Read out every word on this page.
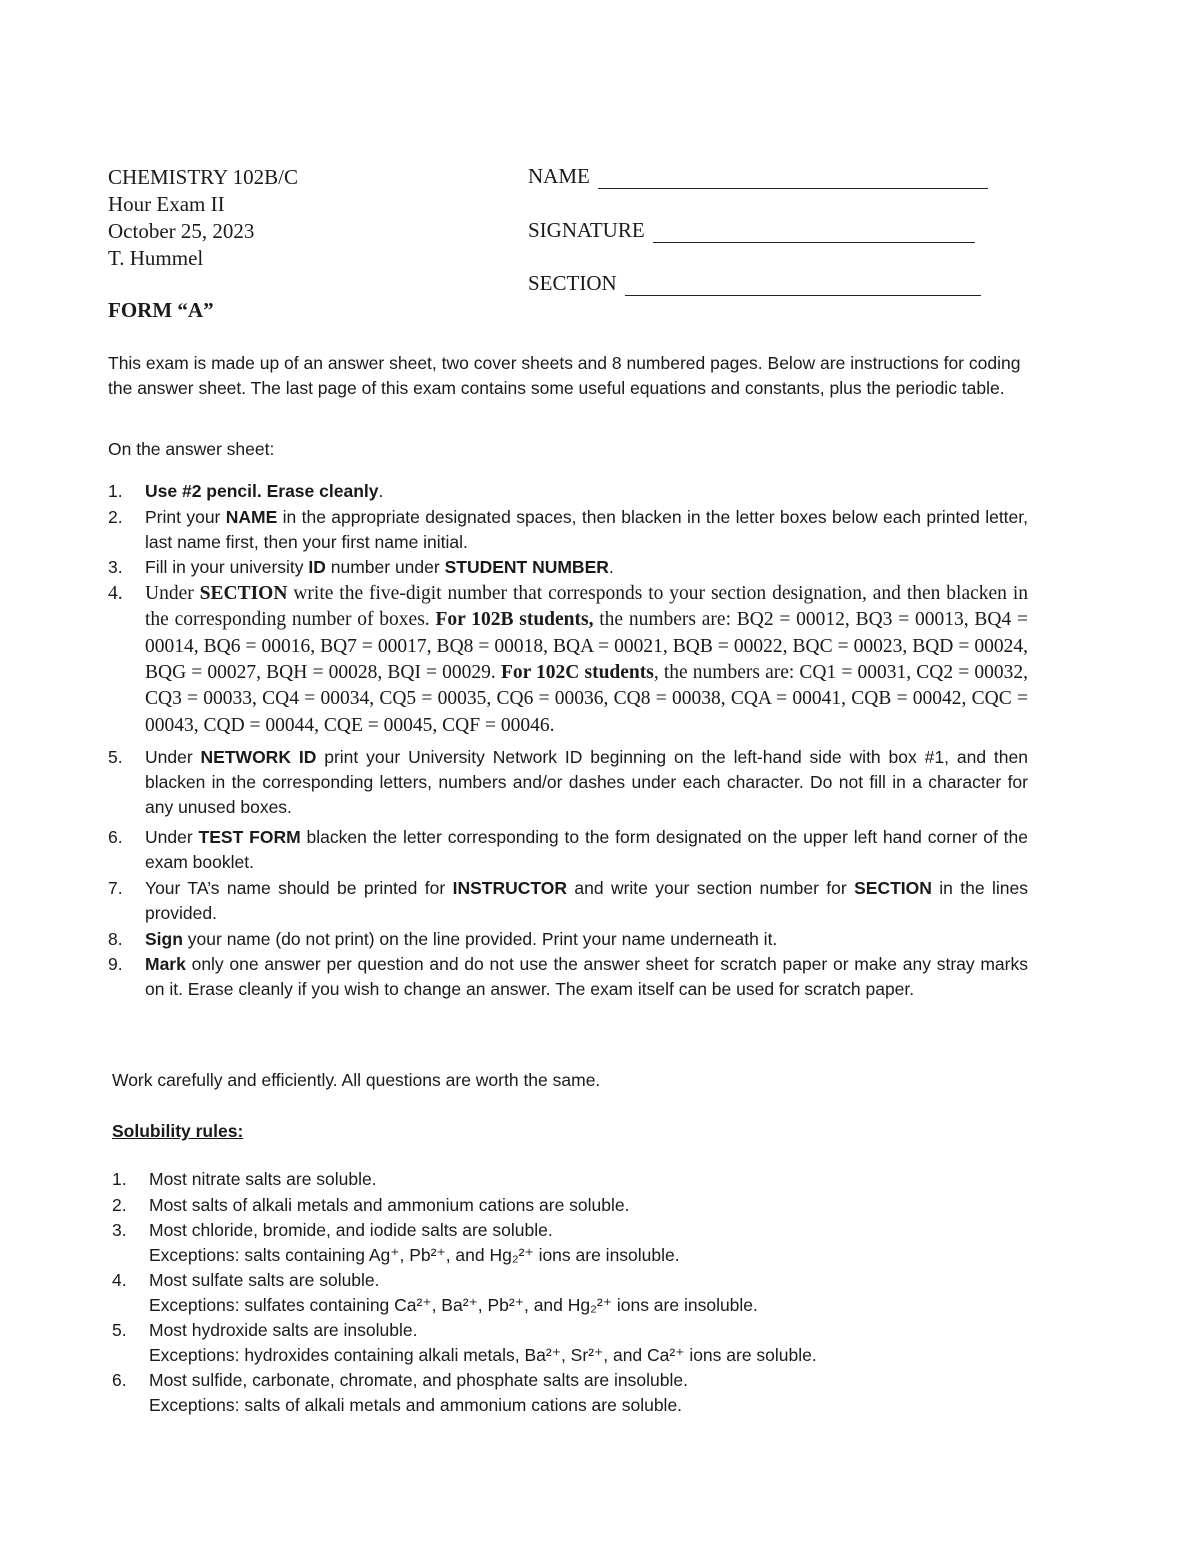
CHEMISTRY 102B/C
Hour Exam II
October 25, 2023
T. Hummel
FORM “A”
NAME
SIGNATURE
SECTION
This exam is made up of an answer sheet, two cover sheets and 8 numbered pages. Below are instructions for coding the answer sheet. The last page of this exam contains some useful equations and constants, plus the periodic table.
On the answer sheet:
1.	Use #2 pencil. Erase cleanly.
2.	Print your NAME in the appropriate designated spaces, then blacken in the letter boxes below each printed letter, last name first, then your first name initial.
3.	Fill in your university ID number under STUDENT NUMBER.
4.	Under SECTION write the five-digit number that corresponds to your section designation, and then blacken in the corresponding number of boxes. For 102B students, the numbers are: BQ2 = 00012, BQ3 = 00013, BQ4 = 00014, BQ6 = 00016, BQ7 = 00017, BQ8 = 00018, BQA = 00021, BQB = 00022, BQC = 00023, BQD = 00024, BQG = 00027, BQH = 00028, BQI = 00029. For 102C students, the numbers are: CQ1 = 00031, CQ2 = 00032, CQ3 = 00033, CQ4 = 00034, CQ5 = 00035, CQ6 = 00036, CQ8 = 00038, CQA = 00041, CQB = 00042, CQC = 00043, CQD = 00044, CQE = 00045, CQF = 00046.
5.	Under NETWORK ID print your University Network ID beginning on the left-hand side with box #1, and then blacken in the corresponding letters, numbers and/or dashes under each character. Do not fill in a character for any unused boxes.
6.	Under TEST FORM blacken the letter corresponding to the form designated on the upper left hand corner of the exam booklet.
7.	Your TA’s name should be printed for INSTRUCTOR and write your section number for SECTION in the lines provided.
8.	Sign your name (do not print) on the line provided. Print your name underneath it.
9.	Mark only one answer per question and do not use the answer sheet for scratch paper or make any stray marks on it. Erase cleanly if you wish to change an answer. The exam itself can be used for scratch paper.
Work carefully and efficiently. All questions are worth the same.
Solubility rules:
1.	Most nitrate salts are soluble.
2.	Most salts of alkali metals and ammonium cations are soluble.
3.	Most chloride, bromide, and iodide salts are soluble.
Exceptions: salts containing Ag⁺, Pb²⁺, and Hg₂²⁺ ions are insoluble.
4.	Most sulfate salts are soluble.
Exceptions: sulfates containing Ca²⁺, Ba²⁺, Pb²⁺, and Hg₂²⁺ ions are insoluble.
5.	Most hydroxide salts are insoluble.
Exceptions: hydroxides containing alkali metals, Ba²⁺, Sr²⁺, and Ca²⁺ ions are soluble.
6.	Most sulfide, carbonate, chromate, and phosphate salts are insoluble.
Exceptions: salts of alkali metals and ammonium cations are soluble.
